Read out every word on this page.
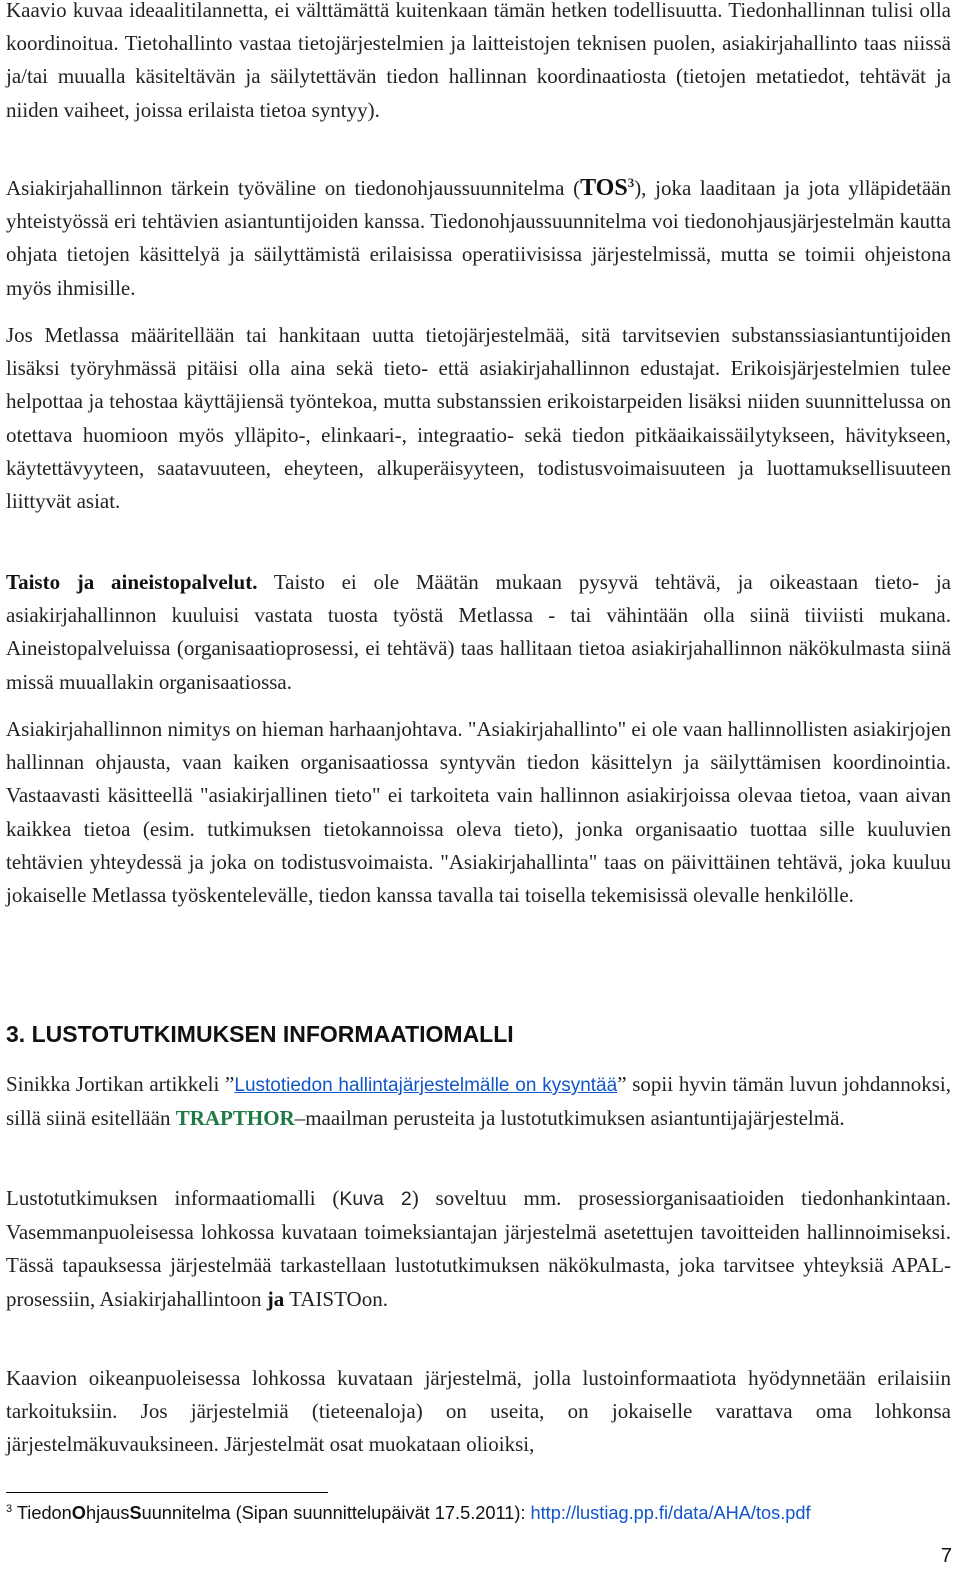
Kaavio kuvaa ideaalitilannetta, ei välttämättä kuitenkaan tämän hetken todellisuutta. Tiedonhallinnan tulisi olla koordinoitua. Tietohallinto vastaa tietojärjestelmien ja laitteistojen teknisen puolen, asiakirjahallinto taas niissä ja/tai muualla käsiteltävän ja säilytettävän tiedon hallinnan koordinaatiosta (tietojen metatiedot, tehtävät ja niiden vaiheet, joissa erilaista tietoa syntyy).

Asiakirjahallinnon tärkein työväline on tiedonohjaussuunnitelma (TOS$^3$), joka laaditaan ja jota ylläpidetään yhteistyössä eri tehtävien asiantuntijoiden kanssa. Tiedonohjaussuunnitelma voi tiedonohjausjärjestelmän kautta ohjata tietojen käsittelyä ja säilyttämistä erilaisissa operatiivisissa järjestelmissä, mutta se toimii ohjeistona myös ihmisille.

Jos Metlassa määritellään tai hankitaan uutta tietojärjestelmää, sitä tarvitsevien substanssiasiantuntijoiden lisäksi työryhmässä pitäisi olla aina sekä tieto- että asiakirjahallinnon edustajat. Erikoisjärjestelmien tulee helpottaa ja tehostaa käyttäjiensä työntekoa, mutta substanssien erikoistarpeiden lisäksi niiden suunnittelussa on otettava huomioon myös ylläpito-, elinkaari-, integraatio- sekä tiedon pitkäaikaissäilytykseen, hävitykseen, käytettävyyteen, saatavuuteen, eheyteen, alkuperäisyyteen, todistusvoimaisuuteen ja luottamuksellisuuteen liittyvät asiat.

Taisto ja aineistopalvelut. Taisto ei ole Määtän mukaan pysyvä tehtävä, ja oikeastaan tieto- ja asiakirjahallinnon kuuluisi vastata tuosta työstä Metlassa - tai vähintään olla siinä tiiviisti mukana. Aineistopalveluissa (organisaatioprosessi, ei tehtävä) taas hallitaan tietoa asiakirjahallinnon näkökulmasta siinä missä muuallakin organisaatiossa.

Asiakirjahallinnon nimitys on hieman harhaanjohtava. "Asiakirjahallinto" ei ole vaan hallinnollisten asiakirjojen hallinnan ohjausta, vaan kaiken organisaatiossa syntyvän tiedon käsittelyn ja säilyttämisen koordinointia. Vastaavasti käsitteellä "asiakirjallinen tieto" ei tarkoiteta vain hallinnon asiakirjoissa olevaa tietoa, vaan aivan kaikkea tietoa (esim. tutkimuksen tietokannoissa oleva tieto), jonka organisaatio tuottaa sille kuuluvien tehtävien yhteydessä ja joka on todistusvoimaista. "Asiakirjahallinta" taas on päivittäinen tehtävä, joka kuuluu jokaiselle Metlassa työskentelevälle, tiedon kanssa tavalla tai toisella tekemisissä olevalle henkilölle.

3. LUSTOTUTKIMUKSEN INFORMAATIOMALLI

Sinikka Jortikan artikkeli ”Lustotiedon hallintajärjestelmälle on kysyntää” sopii hyvin tämän luvun johdannoksi, sillä siinä esitellään TRAPTHOR–maailman perusteita ja lustotutkimuksen asiantuntijajärjestelmä.

Lustotutkimuksen informaatiomalli (Kuva 2) soveltuu mm. prosessiorganisaatioiden tiedonhankintaan. Vasemmanpuoleisessa lohkossa kuvataan toimeksiantajan järjestelmä asetettujen tavoitteiden hallinnoimiseksi. Tässä tapauksessa järjestelmää tarkastellaan lustotutkimuksen näkökulmasta, joka tarvitsee yhteyksiä APAL-prosessiin, Asiakirjahallintoon ja TAISTOon.

Kaavion oikeanpuoleisessa lohkossa kuvataan järjestelmä, jolla lustoinformaatiota hyödynnetään erilaisiin tarkoituksiin. Jos järjestelmiä (tieteenaloja) on useita, on jokaiselle varattava oma lohkonsa järjestelmäkuvauksineen. Järjestelmät osat muokataan olioiksi,

$^3$ TiedonOhjausSuunnitelma (Sipan suunnittelupäivät 17.5.2011): http://lustiag.pp.fi/data/AHA/tos.pdf

7
